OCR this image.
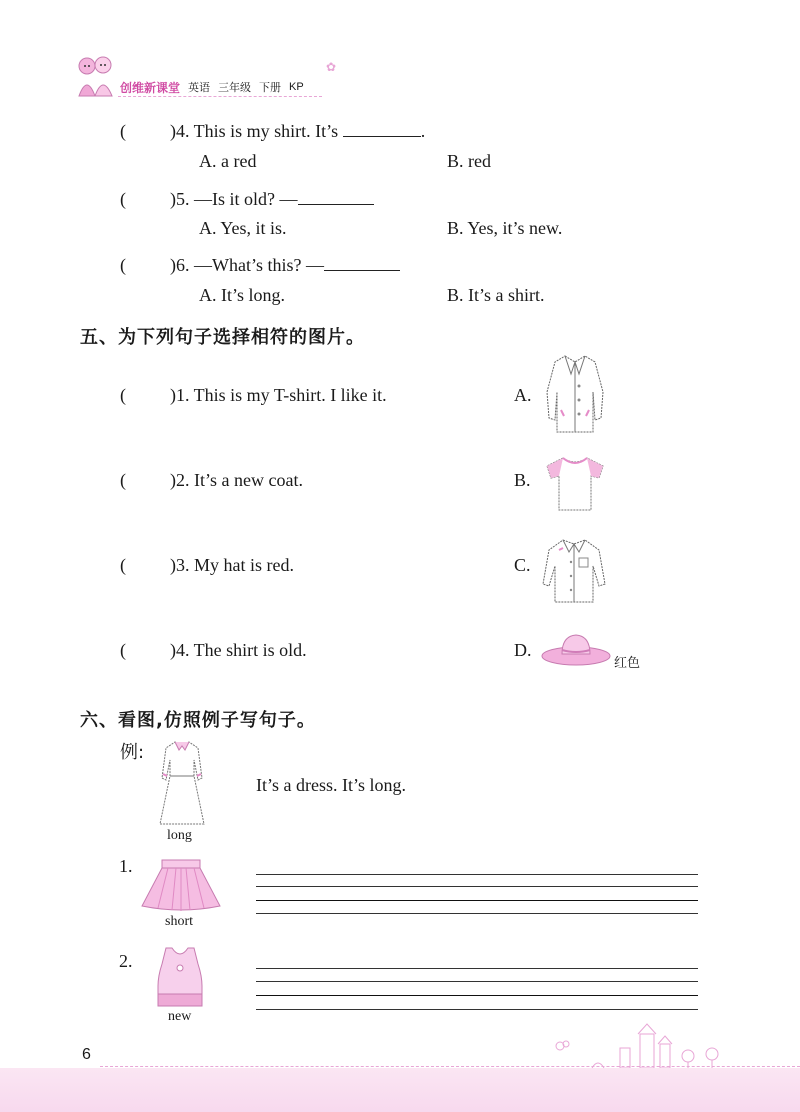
创维新课堂 英语 三年级 下册 KP
✿
( )4. This is my shirt. It’s	.
A. a red	B. red
( )5. —Is it old? —
A. Yes, it is.	B. Yes, it’s new.
( )6. —What’s this? —
A. It’s long.	B. It’s a shirt.
五、为下列句子选择相符的图片。
( )1. This is my T-shirt. I like it.	A.
( )2. It’s a new coat.	B.
( )3. My hat is red.	C.
( )4. The shirt is old.	D.
红色
六、看图,仿照例子写句子。
例:
long
It’s a dress. It’s long.
1.
short
2.
new
6
